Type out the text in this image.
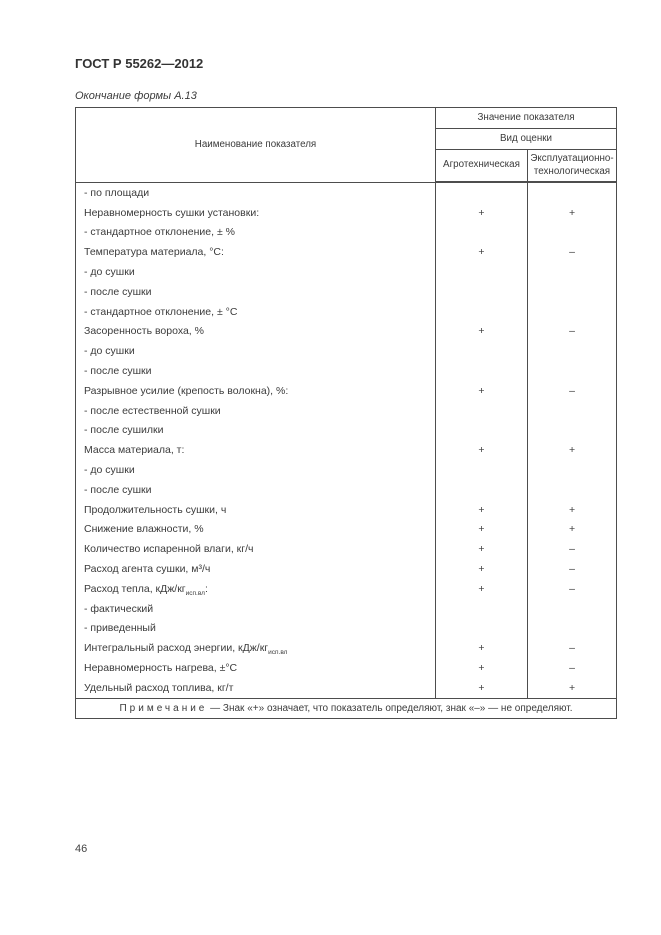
ГОСТ Р 55262—2012
Окончание формы А.13
Наименование показателя	Значение показателя	
	Вид оценки	
	Агротехническая	Эксплуатационно-технологическая
- по площади		
Неравномерность сушки установки:	+	+
- стандартное отклонение, ± %		
Температура материала, °С:	+	–
- до сушки		
- после сушки		
- стандартное отклонение, ± °С		
Засоренность вороха, %	+	–
- до сушки		
- после сушки		
Разрывное усилие (крепость волокна), %:	+	–
- после естественной сушки		
- после сушилки		
Масса материала, т:	+	+
- до сушки		
- после сушки		
Продолжительность сушки, ч	+	+
Снижение влажности, %	+	+
Количество испаренной влаги, кг/ч	+	–
Расход агента сушки, м³/ч	+	–
Расход тепла, кДж/$кг_{исп.вл}$:	+	–
- фактический		
- приведенный		
Интегральный расход энергии, кДж/$кг_{исп.вл}$	+	–
Неравномерность нагрева, ±°С	+	–
Удельный расход топлива, кг/т	+	+
Примечание — Знак «+» означает, что показатель определяют, знак «–» — не определяют.		
46
